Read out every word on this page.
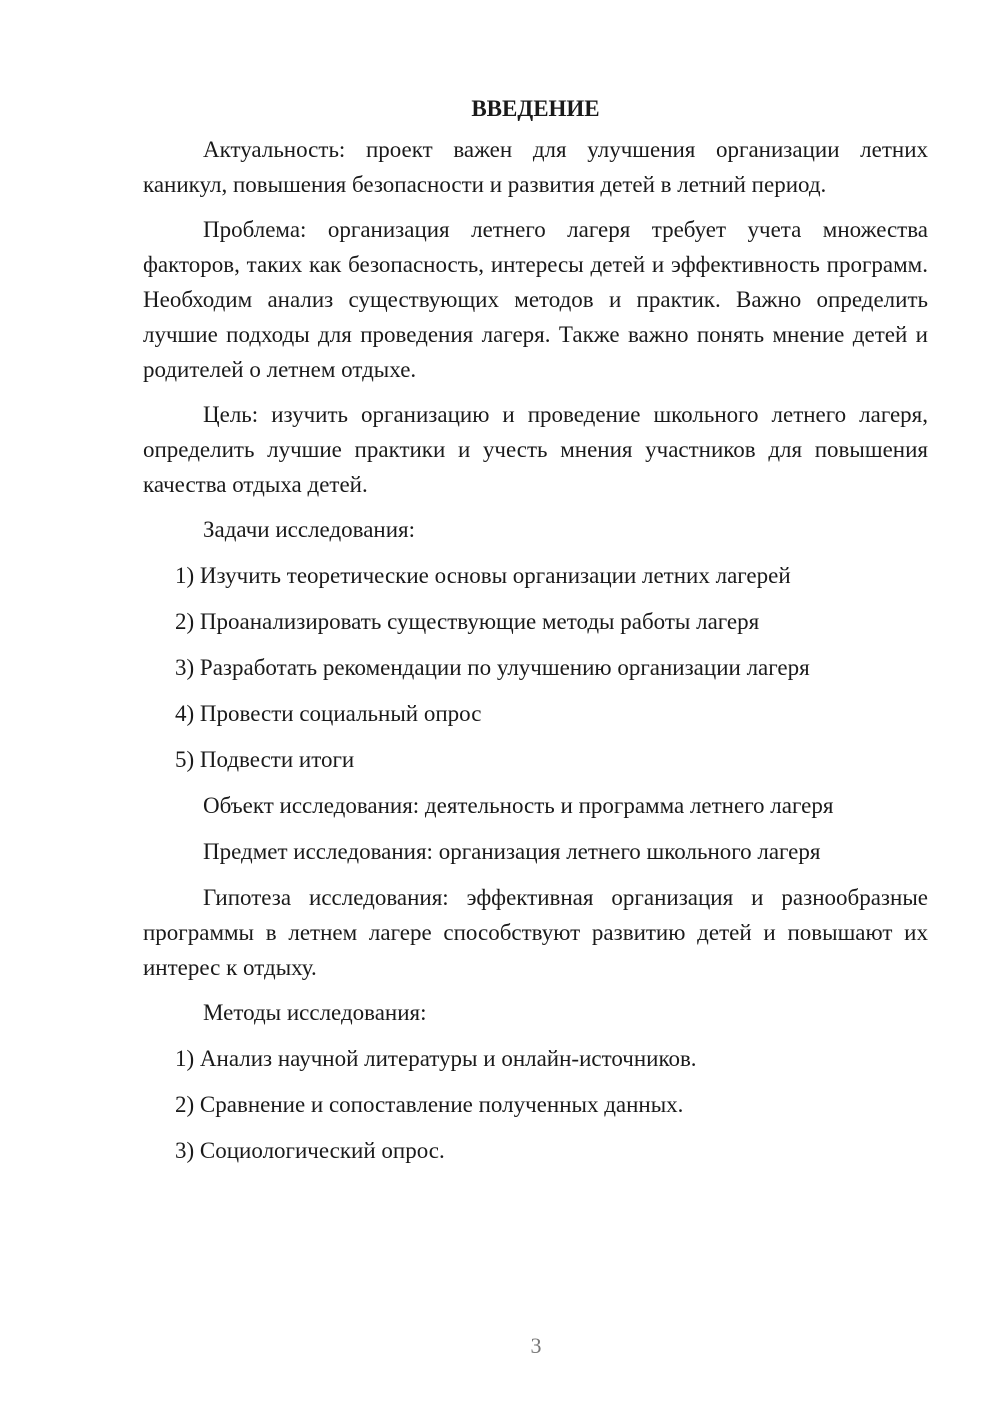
ВВЕДЕНИЕ

Актуальность: проект важен для улучшения организации летних каникул, повышения безопасности и развития детей в летний период.

Проблема: организация летнего лагеря требует учета множества факторов, таких как безопасность, интересы детей и эффективность программ. Необходим анализ существующих методов и практик. Важно определить лучшие подходы для проведения лагеря. Также важно понять мнение детей и родителей о летнем отдыхе.

Цель: изучить организацию и проведение школьного летнего лагеря, определить лучшие практики и учесть мнения участников для повышения качества отдыха детей.

Задачи исследования:

1) Изучить теоретические основы организации летних лагерей

2) Проанализировать существующие методы работы лагеря

3) Разработать рекомендации по улучшению организации лагеря

4) Провести социальный опрос

5) Подвести итоги

Объект исследования: деятельность и программа летнего лагеря

Предмет исследования: организация летнего школьного лагеря

Гипотеза исследования: эффективная организация и разнообразные программы в летнем лагере способствуют развитию детей и повышают их интерес к отдыху.

Методы исследования:

1) Анализ научной литературы и онлайн-источников.

2) Сравнение и сопоставление полученных данных.

3) Социологический опрос.

3
